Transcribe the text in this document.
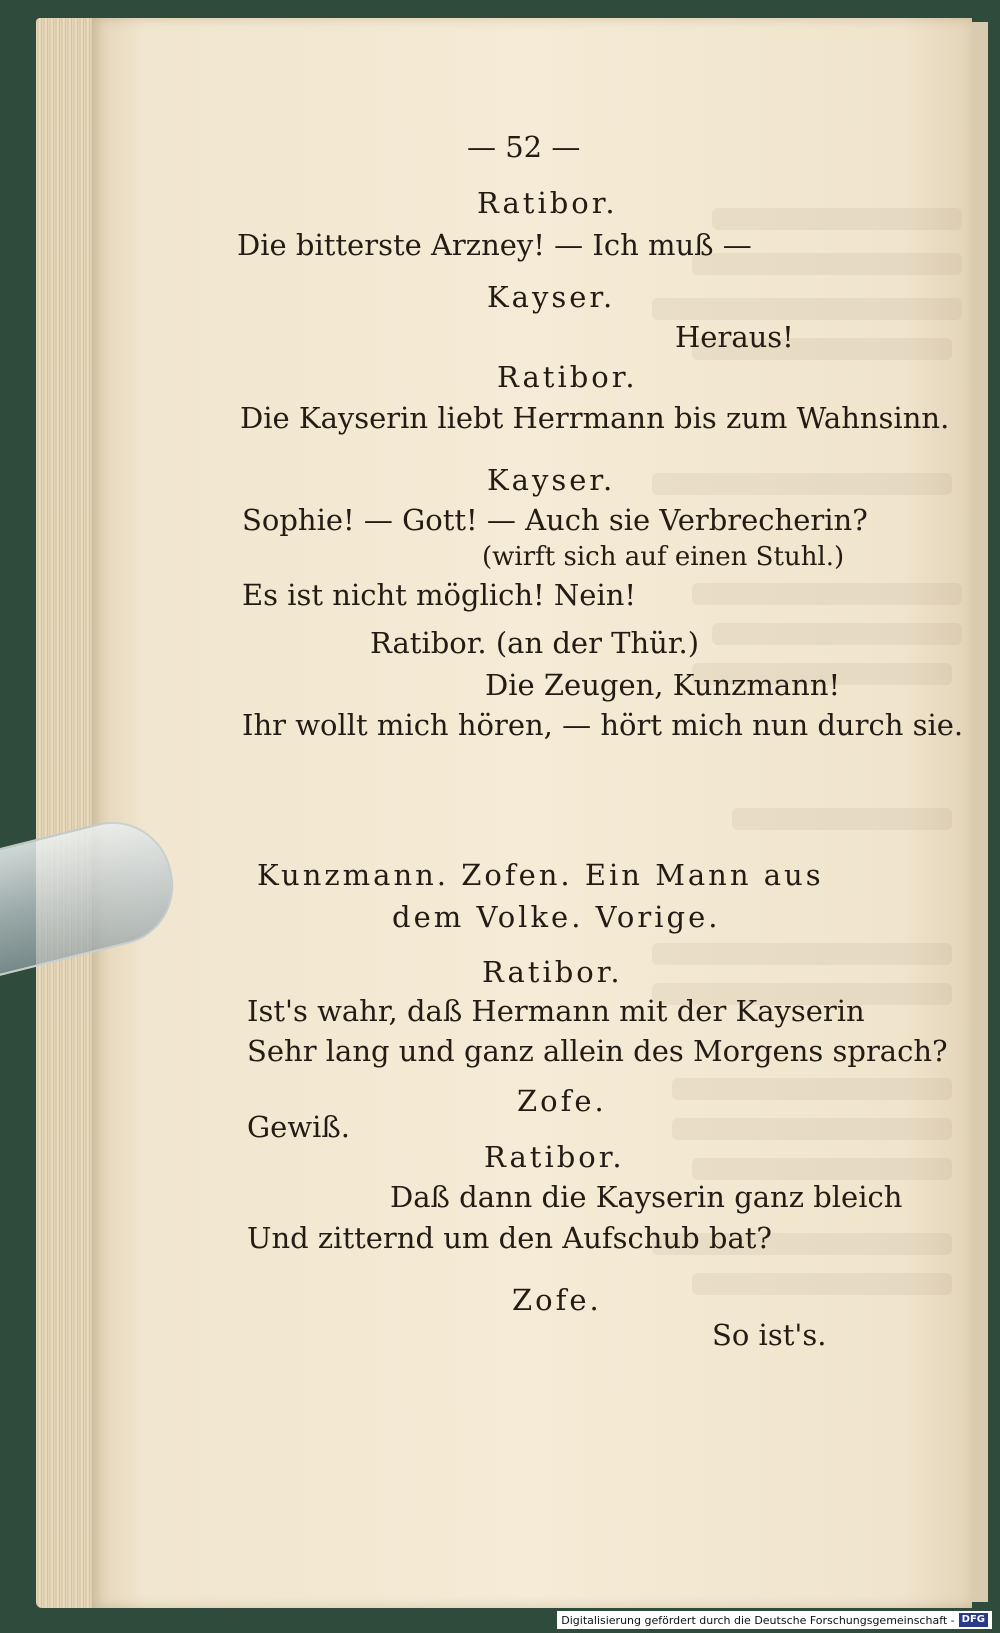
— 52 —
Ratibor.
Die bitterste Arzney! — Ich muß —
Kayser.
Heraus!
Ratibor.
Die Kayserin liebt Herrmann bis zum Wahnsinn.
Kayser.
Sophie! — Gott! — Auch sie Verbrecherin?
(wirft sich auf einen Stuhl.)
Es ist nicht möglich! Nein!
Ratibor. (an der Thür.)
Die Zeugen, Kunzmann!
Ihr wollt mich hören, — hört mich nun durch sie.
Kunzmann. Zofen. Ein Mann aus
dem Volke. Vorige.
Ratibor.
Ist's wahr, daß Hermann mit der Kayserin
Sehr lang und ganz allein des Morgens sprach?
Zofe.
Gewiß.
Ratibor.
Daß dann die Kayserin ganz bleich
Und zitternd um den Aufschub bat?
Zofe.
So ist's.
Digitalisierung gefördert durch die Deutsche Forschungsgemeinschaft - DFG
